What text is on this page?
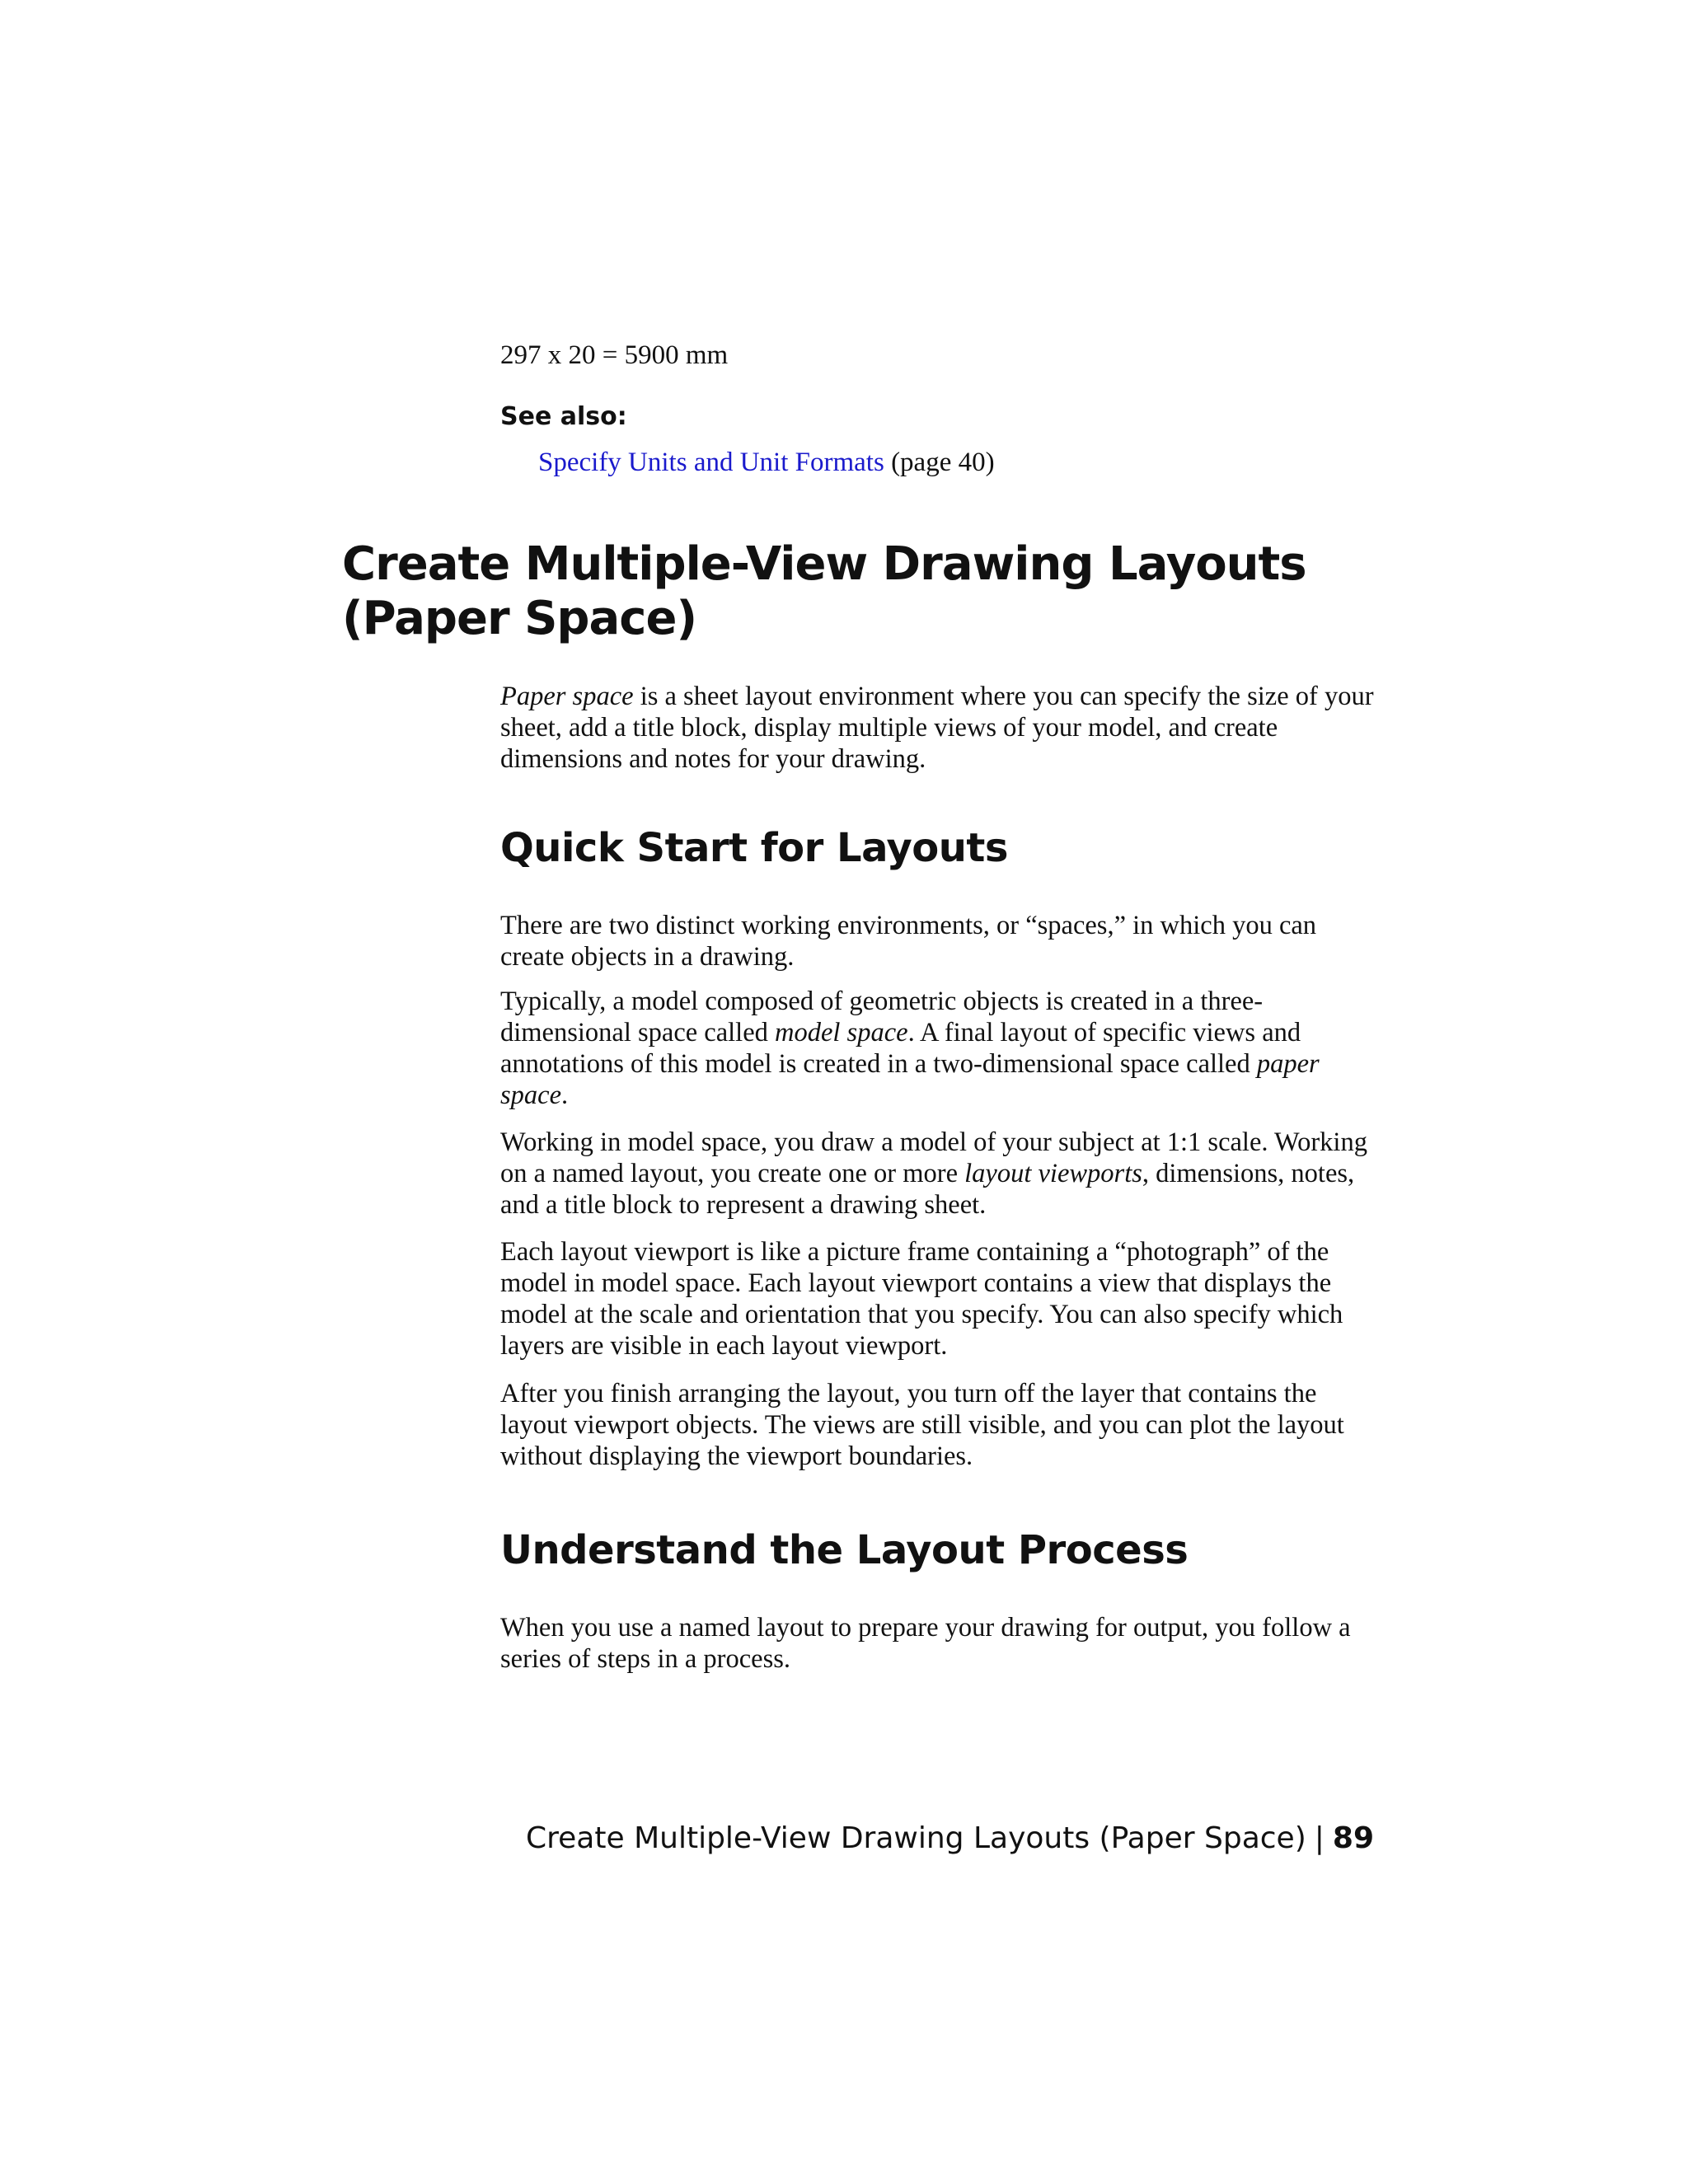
297 x 20 = 5900 mm

See also:

Specify Units and Unit Formats (page 40)

Create Multiple-View Drawing Layouts (Paper Space)

Paper space is a sheet layout environment where you can specify the size of your sheet, add a title block, display multiple views of your model, and create dimensions and notes for your drawing.

Quick Start for Layouts

There are two distinct working environments, or “spaces,” in which you can create objects in a drawing.

Typically, a model composed of geometric objects is created in a three-dimensional space called model space. A final layout of specific views and annotations of this model is created in a two-dimensional space called paper space.

Working in model space, you draw a model of your subject at 1:1 scale. Working on a named layout, you create one or more layout viewports, dimensions, notes, and a title block to represent a drawing sheet.

Each layout viewport is like a picture frame containing a “photograph” of the model in model space. Each layout viewport contains a view that displays the model at the scale and orientation that you specify. You can also specify which layers are visible in each layout viewport.

After you finish arranging the layout, you turn off the layer that contains the layout viewport objects. The views are still visible, and you can plot the layout without displaying the viewport boundaries.

Understand the Layout Process

When you use a named layout to prepare your drawing for output, you follow a series of steps in a process.

Create Multiple-View Drawing Layouts (Paper Space) | 89
